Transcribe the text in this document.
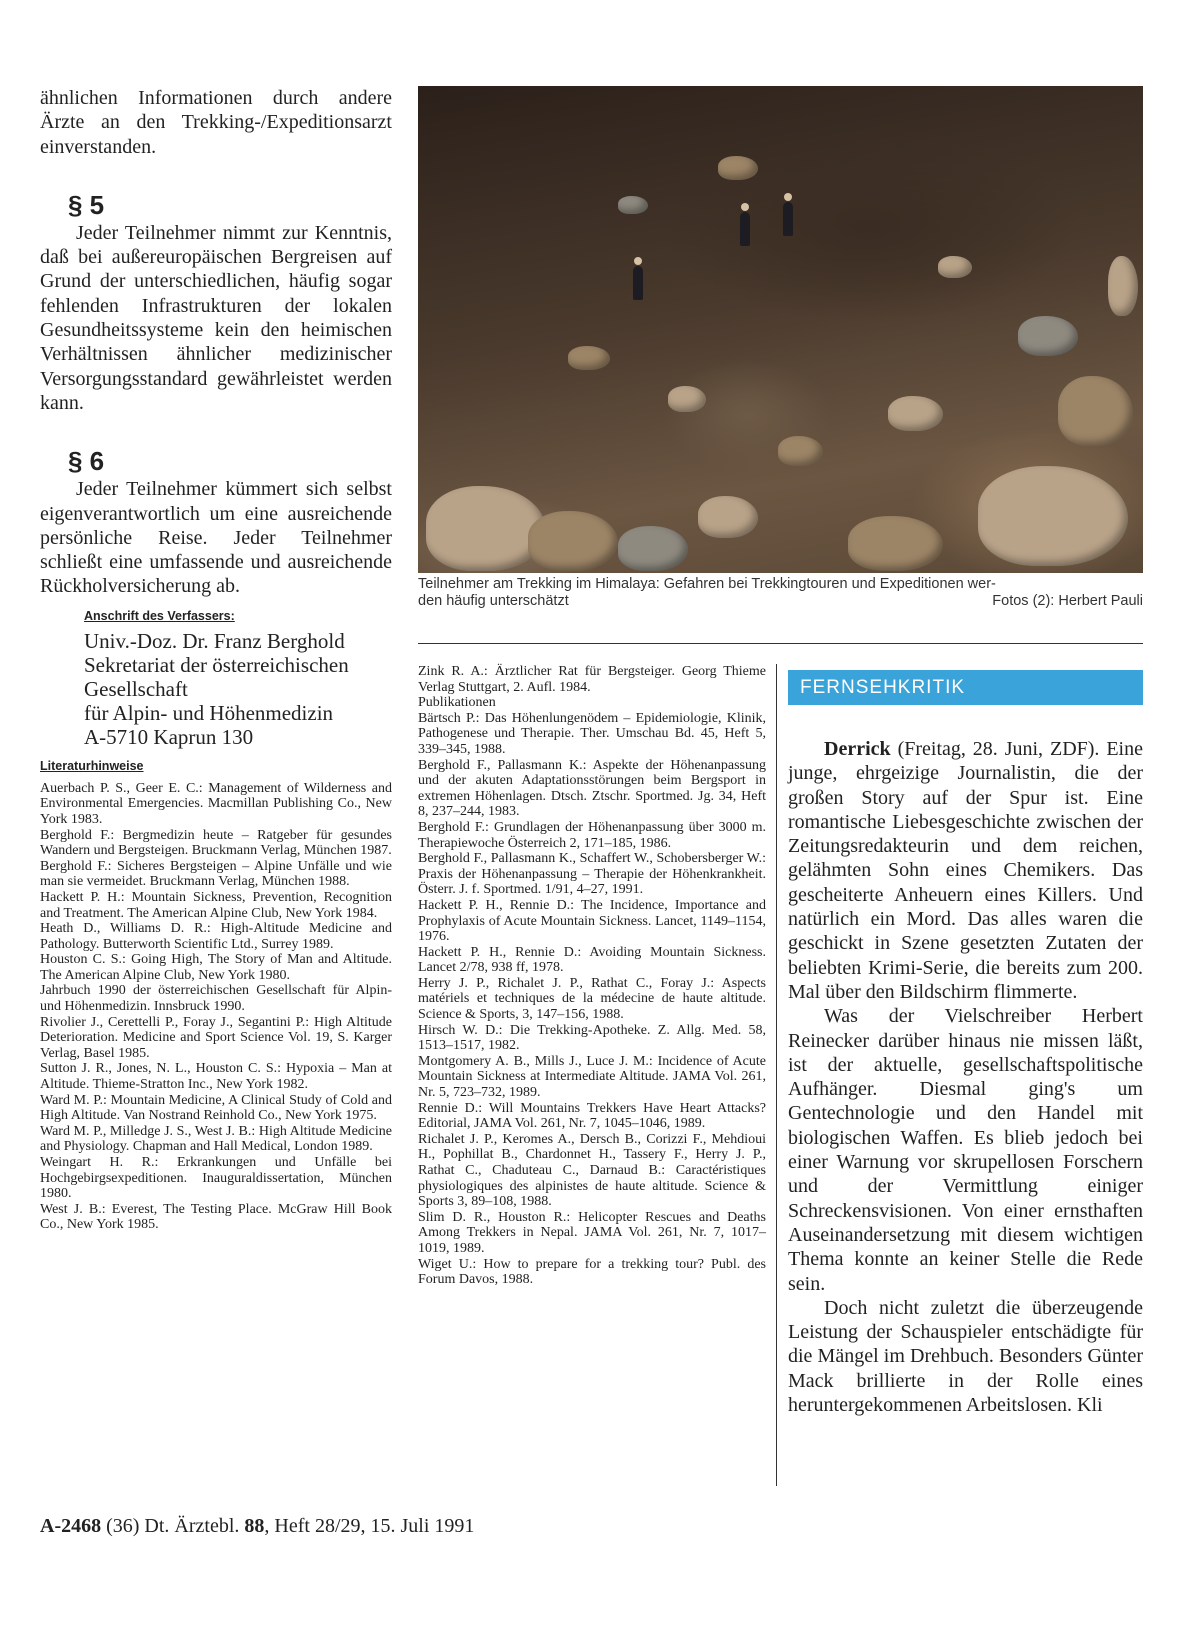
ähnlichen Informationen durch andere Ärzte an den Trekking-/Expeditionsarzt einverstanden.

§ 5

Jeder Teilnehmer nimmt zur Kenntnis, daß bei außereuropäischen Bergreisen auf Grund der unterschiedlichen, häufig sogar fehlenden Infrastrukturen der lokalen Gesundheitssysteme kein den heimischen Verhältnissen ähnlicher medizinischer Versorgungsstandard gewährleistet werden kann.

§ 6

Jeder Teilnehmer kümmert sich selbst eigenverantwortlich um eine ausreichende persönliche Reise. Jeder Teilnehmer schließt eine umfassende und ausreichende Rückholversicherung ab.

Anschrift des Verfassers:
Univ.-Doz. Dr. Franz Berghold
Sekretariat der österreichischen
Gesellschaft
für Alpin- und Höhenmedizin
A-5710 Kaprun 130
Literaturhinweise

Auerbach P. S., Geer E. C.: Management of Wilderness and Environmental Emergencies. Macmillan Publishing Co., New York 1983.

Berghold F.: Bergmedizin heute – Ratgeber für gesundes Wandern und Bergsteigen. Bruckmann Verlag, München 1987.

Berghold F.: Sicheres Bergsteigen – Alpine Unfälle und wie man sie vermeidet. Bruckmann Verlag, München 1988.

Hackett P. H.: Mountain Sickness, Prevention, Recognition and Treatment. The American Alpine Club, New York 1984.

Heath D., Williams D. R.: High-Altitude Medicine and Pathology. Butterworth Scientific Ltd., Surrey 1989.

Houston C. S.: Going High, The Story of Man and Altitude. The American Alpine Club, New York 1980.

Jahrbuch 1990 der österreichischen Gesellschaft für Alpin- und Höhenmedizin. Innsbruck 1990.

Rivolier J., Cerettelli P., Foray J., Segantini P.: High Altitude Deterioration. Medicine and Sport Science Vol. 19, S. Karger Verlag, Basel 1985.

Sutton J. R., Jones, N. L., Houston C. S.: Hypoxia – Man at Altitude. Thieme-Stratton Inc., New York 1982.

Ward M. P.: Mountain Medicine, A Clinical Study of Cold and High Altitude. Van Nostrand Reinhold Co., New York 1975.

Ward M. P., Milledge J. S., West J. B.: High Altitude Medicine and Physiology. Chapman and Hall Medical, London 1989.

Weingart H. R.: Erkrankungen und Unfälle bei Hochgebirgsexpeditionen. Inauguraldissertation, München 1980.

West J. B.: Everest, The Testing Place. McGraw Hill Book Co., New York 1985.

Teilnehmer am Trekking im Himalaya: Gefahren bei Trekkingtouren und Expeditionen wer-
den häufig unterschätzt	Fotos (2): Herbert Pauli

Zink R. A.: Ärztlicher Rat für Bergsteiger. Georg Thieme Verlag Stuttgart, 2. Aufl. 1984.

Publikationen

Bärtsch P.: Das Höhenlungenödem – Epidemiologie, Klinik, Pathogenese und Therapie. Ther. Umschau Bd. 45, Heft 5, 339–345, 1988.

Berghold F., Pallasmann K.: Aspekte der Höhenanpassung und der akuten Adaptationsstörungen beim Bergsport in extremen Höhenlagen. Dtsch. Ztschr. Sportmed. Jg. 34, Heft 8, 237–244, 1983.

Berghold F.: Grundlagen der Höhenanpassung über 3000 m. Therapiewoche Österreich 2, 171–185, 1986.

Berghold F., Pallasmann K., Schaffert W., Schobersberger W.: Praxis der Höhenanpassung – Therapie der Höhenkrankheit. Österr. J. f. Sportmed. 1/91, 4–27, 1991.

Hackett P. H., Rennie D.: The Incidence, Importance and Prophylaxis of Acute Mountain Sickness. Lancet, 1149–1154, 1976.

Hackett P. H., Rennie D.: Avoiding Mountain Sickness. Lancet 2/78, 938 ff, 1978.

Herry J. P., Richalet J. P., Rathat C., Foray J.: Aspects matériels et techniques de la médecine de haute altitude. Science & Sports, 3, 147–156, 1988.

Hirsch W. D.: Die Trekking-Apotheke. Z. Allg. Med. 58, 1513–1517, 1982.

Montgomery A. B., Mills J., Luce J. M.: Incidence of Acute Mountain Sickness at Intermediate Altitude. JAMA Vol. 261, Nr. 5, 723–732, 1989.

Rennie D.: Will Mountains Trekkers Have Heart Attacks? Editorial, JAMA Vol. 261, Nr. 7, 1045–1046, 1989.

Richalet J. P., Keromes A., Dersch B., Corizzi F., Mehdioui H., Pophillat B., Chardonnet H., Tassery F., Herry J. P., Rathat C., Chaduteau C., Darnaud B.: Caractéristiques physiologiques des alpinistes de haute altitude. Science & Sports 3, 89–108, 1988.

Slim D. R., Houston R.: Helicopter Rescues and Deaths Among Trekkers in Nepal. JAMA Vol. 261, Nr. 7, 1017–1019, 1989.

Wiget U.: How to prepare for a trekking tour? Publ. des Forum Davos, 1988.

FERNSEHKRITIK

Derrick (Freitag, 28. Juni, ZDF). Eine junge, ehrgeizige Journalistin, die der großen Story auf der Spur ist. Eine romantische Liebesgeschichte zwischen der Zeitungsredakteurin und dem reichen, gelähmten Sohn eines Chemikers. Das gescheiterte Anheuern eines Killers. Und natürlich ein Mord. Das alles waren die geschickt in Szene gesetzten Zutaten der beliebten Krimi-Serie, die bereits zum 200. Mal über den Bildschirm flimmerte.

Was der Vielschreiber Herbert Reinecker darüber hinaus nie missen läßt, ist der aktuelle, gesellschaftspolitische Aufhänger. Diesmal ging's um Gentechnologie und den Handel mit biologischen Waffen. Es blieb jedoch bei einer Warnung vor skrupellosen Forschern und der Vermittlung einiger Schreckensvisionen. Von einer ernsthaften Auseinandersetzung mit diesem wichtigen Thema konnte an keiner Stelle die Rede sein.

Doch nicht zuletzt die überzeugende Leistung der Schauspieler entschädigte für die Mängel im Drehbuch. Besonders Günter Mack brillierte in der Rolle eines heruntergekommenen Arbeitslosen. Kli

A-2468 (36) Dt. Ärztebl. 88, Heft 28/29, 15. Juli 1991
